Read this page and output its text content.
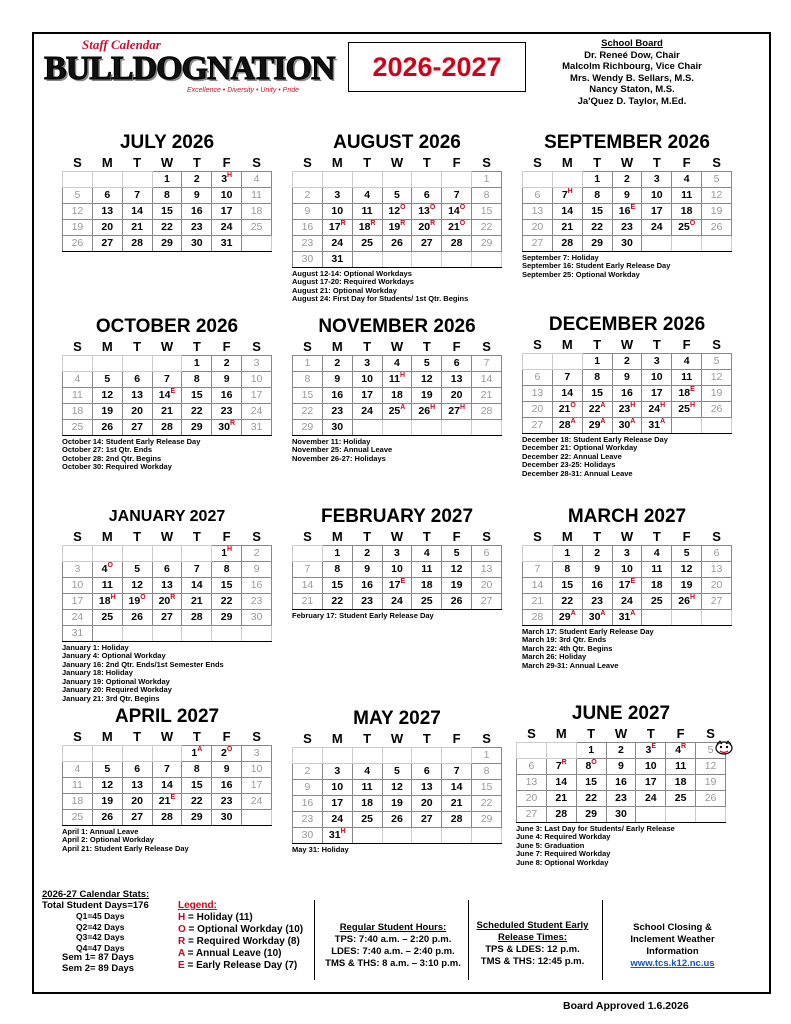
Staff Calendar
BULLDOGNATION
Excellence • Diversity • Unity • Pride
2026-2027
School Board
Dr. Reneé Dow, Chair
Malcolm Richbourg, Vice Chair
Mrs. Wendy B. Sellars, M.S.
Nancy Staton, M.S.
Ja'Quez D. Taylor, M.Ed.
JULY 2026
S	M	T	W	T	F	S
			1	2	$3^H$	4
5	6	7	8	9	10	11
12	13	14	15	16	17	18
19	20	21	22	23	24	25
26	27	28	29	30	31	
AUGUST 2026
S	M	T	W	T	F	S
						1
2	3	4	5	6	7	8
9	10	11	$12^O$	$13^O$	$14^O$	15
16	$17^R$	$18^R$	$19^R$	$20^R$	$21^O$	22
23	24	25	26	27	28	29
30	31					
August 12-14: Optional Workdays
August 17-20: Required Workdays
August 21: Optional Workday
August 24: First Day for Students/ 1st Qtr. Begins
SEPTEMBER 2026
S	M	T	W	T	F	S
		1	2	3	4	5
6	$7^H$	8	9	10	11	12
13	14	15	$16^E$	17	18	19
20	21	22	23	24	$25^O$	26
27	28	29	30			
September 7: Holiday
September 16: Student Early Release Day
September 25: Optional Workday
OCTOBER 2026
S	M	T	W	T	F	S
				1	2	3
4	5	6	7	8	9	10
11	12	13	$14^E$	15	16	17
18	19	20	21	22	23	24
25	26	27	28	29	$30^R$	31
October 14: Student Early Release Day
October 27: 1st Qtr. Ends
October 28: 2nd Qtr. Begins
October 30: Required Workday
NOVEMBER 2026
S	M	T	W	T	F	S
1	2	3	4	5	6	7
8	9	10	$11^H$	12	13	14
15	16	17	18	19	20	21
22	23	24	$25^A$	$26^H$	$27^H$	28
29	30					
November 11: Holiday
November 25: Annual Leave
November 26-27: Holidays
DECEMBER 2026
S	M	T	W	T	F	S
		1	2	3	4	5
6	7	8	9	10	11	12
13	14	15	16	17	$18^E$	19
20	$21^O$	$22^A$	$23^H$	$24^H$	$25^H$	26
27	$28^A$	$29^A$	$30^A$	$31^A$		
December 18: Student Early Release Day
December 21: Optional Workday
December 22: Annual Leave
December 23-25: Holidays
December 28-31: Annual Leave
JANUARY 2027
S	M	T	W	T	F	S
					$1^H$	2
3	$4^O$	5	6	7	8	9
10	11	12	13	14	15	16
17	$18^H$	$19^O$	$20^R$	21	22	23
24	25	26	27	28	29	30
31						
January 1: Holiday
January 4: Optional Workday
January 16: 2nd Qtr. Ends/1st Semester Ends
January 18: Holiday
January 19: Optional Workday
January 20: Required Workday
January 21: 3rd Qtr. Begins
FEBRUARY 2027
S	M	T	W	T	F	S
	1	2	3	4	5	6
7	8	9	10	11	12	13
14	15	16	$17^E$	18	19	20
21	22	23	24	25	26	27
February 17: Student Early Release Day
MARCH 2027
S	M	T	W	T	F	S
	1	2	3	4	5	6
7	8	9	10	11	12	13
14	15	16	$17^E$	18	19	20
21	22	23	24	25	$26^H$	27
28	$29^A$	$30^A$	$31^A$			
March 17: Student Early Release Day
March 19: 3rd Qtr. Ends
March 22: 4th Qtr. Begins
March 26: Holiday
March 29-31: Annual Leave
APRIL 2027
S	M	T	W	T	F	S
				$1^A$	$2^O$	3
4	5	6	7	8	9	10
11	12	13	14	15	16	17
18	19	20	$21^E$	22	23	24
25	26	27	28	29	30	
April 1: Annual Leave
April 2: Optional Workday
April 21: Student Early Release Day
MAY 2027
S	M	T	W	T	F	S
						1
2	3	4	5	6	7	8
9	10	11	12	13	14	15
16	17	18	19	20	21	22
23	24	25	26	27	28	29
30	$31^H$					
May 31: Holiday
JUNE 2027
S	M	T	W	T	F	S
		1	2	$3^E$	$4^R$	5
6	$7^R$	$8^O$	9	10	11	12
13	14	15	16	17	18	19
20	21	22	23	24	25	26
27	28	29	30			
June 3: Last Day for Students/ Early Release
June 4: Required Workday
June 5: Graduation
June 7: Required Workday
June 8: Optional Workday
2026-27 Calendar Stats:
Total Student Days=176
Q1=45 Days
Q2=42 Days
Q3=42 Days
Q4=47 Days
Sem 1= 87 Days
Sem 2= 89 Days
Legend:
H = Holiday (11)
O = Optional Workday (10)
R = Required Workday (8)
A = Annual Leave (10)
E = Early Release Day (7)
Regular Student Hours:
TPS: 7:40 a.m. – 2:20 p.m.
LDES: 7:40 a.m. – 2:40 p.m.
TMS & THS: 8 a.m. – 3:10 p.m.
Scheduled Student Early
Release Times:
TPS & LDES: 12 p.m.
TMS & THS: 12:45 p.m.
School Closing &
Inclement Weather
Information
www.tcs.k12.nc.us
Board Approved 1.6.2026
